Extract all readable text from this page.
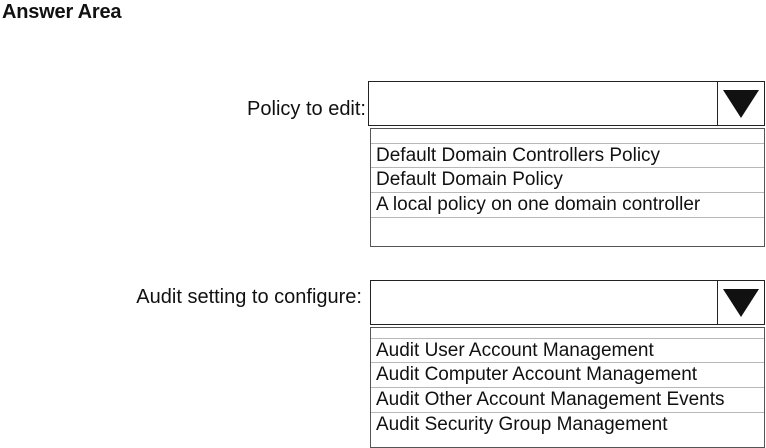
Answer Area
Policy to edit:
Default Domain Controllers Policy
Default Domain Policy
A local policy on one domain controller
Audit setting to configure:
Audit User Account Management
Audit Computer Account Management
Audit Other Account Management Events
Audit Security Group Management
